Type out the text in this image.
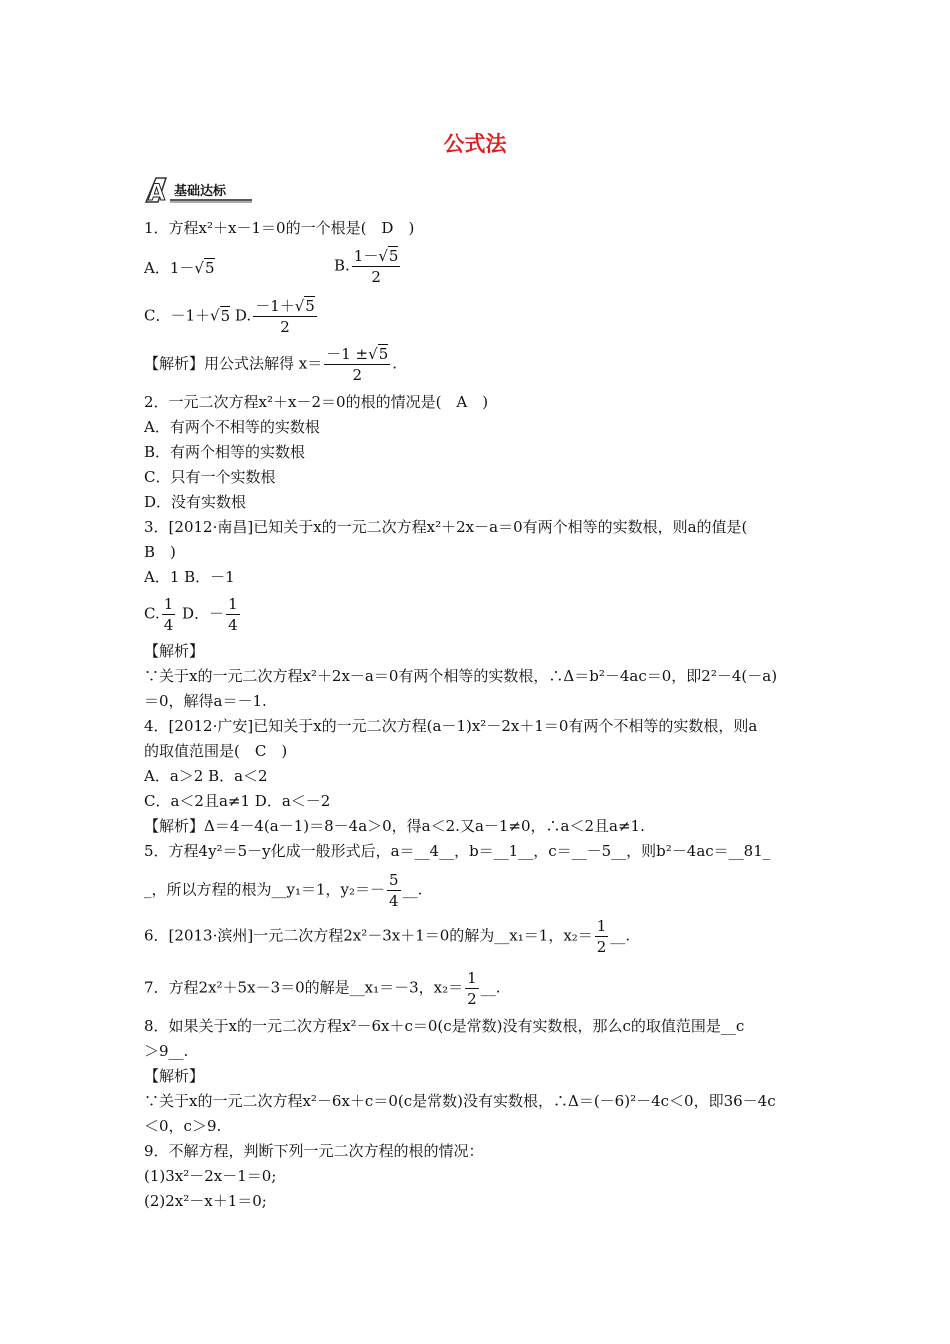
公式法
A 基础达标
1．方程x²＋x－1＝0的一个根是(　D　)
A．1－√5	B. $\frac{1-√5}{2}$
C．－1＋√5 D. $\frac{-1+√5}{2}$
【解析】用公式法解得 $x= \frac{-1 \pm√5}{2}$ .
2．一元二次方程x²＋x－2＝0的根的情况是(　A　)
A．有两个不相等的实数根
B．有两个相等的实数根
C．只有一个实数根
D．没有实数根
3．[2012·南昌]已知关于x的一元二次方程x²＋2x－a＝0有两个相等的实数根，则a的值是(
B　)
A．1 B．－1
C. $\frac{1}{4}$ D．－ $\frac{1}{4}$
【解析】
∵关于x的一元二次方程x²＋2x－a＝0有两个相等的实数根，∴Δ＝b²－4ac＝0，即2²－4(－a)
＝0，解得a＝－1.
4．[2012·广安]已知关于x的一元二次方程(a－1)x²－2x＋1＝0有两个不相等的实数根，则a
的取值范围是(　C　)
A．a＞2 B．a＜2
C．a＜2且a≠1 D．a＜－2
【解析】Δ＝4－4(a－1)＝8－4a＞0，得a＜2.又a－1≠0，∴a＜2且a≠1.
5．方程4y²＝5－y化成一般形式后，a＝__4__，b＝__1__，c＝__－5__，则b²－4ac＝__81_
_，所以方程的根为__y₁＝1，$y_2=- \frac{5}{4}$ __.
6．[2013·滨州]一元二次方程2x²－3x＋1＝0的解为__x₁＝1，$x_2= \frac{1}{2}$ __.
7．方程2x²＋5x－3＝0的解是__x₁＝－3，$x_2= \frac{1}{2}$ __.
8．如果关于x的一元二次方程x²－6x＋c＝0(c是常数)没有实数根，那么c的取值范围是__c
＞9__.
【解析】
∵关于x的一元二次方程x²－6x＋c＝0(c是常数)没有实数根，∴Δ＝(－6)²－4c＜0，即36－4c
＜0，c＞9.
9．不解方程，判断下列一元二次方程的根的情况：
(1)3x²－2x－1＝0;
(2)2x²－x＋1＝0;
